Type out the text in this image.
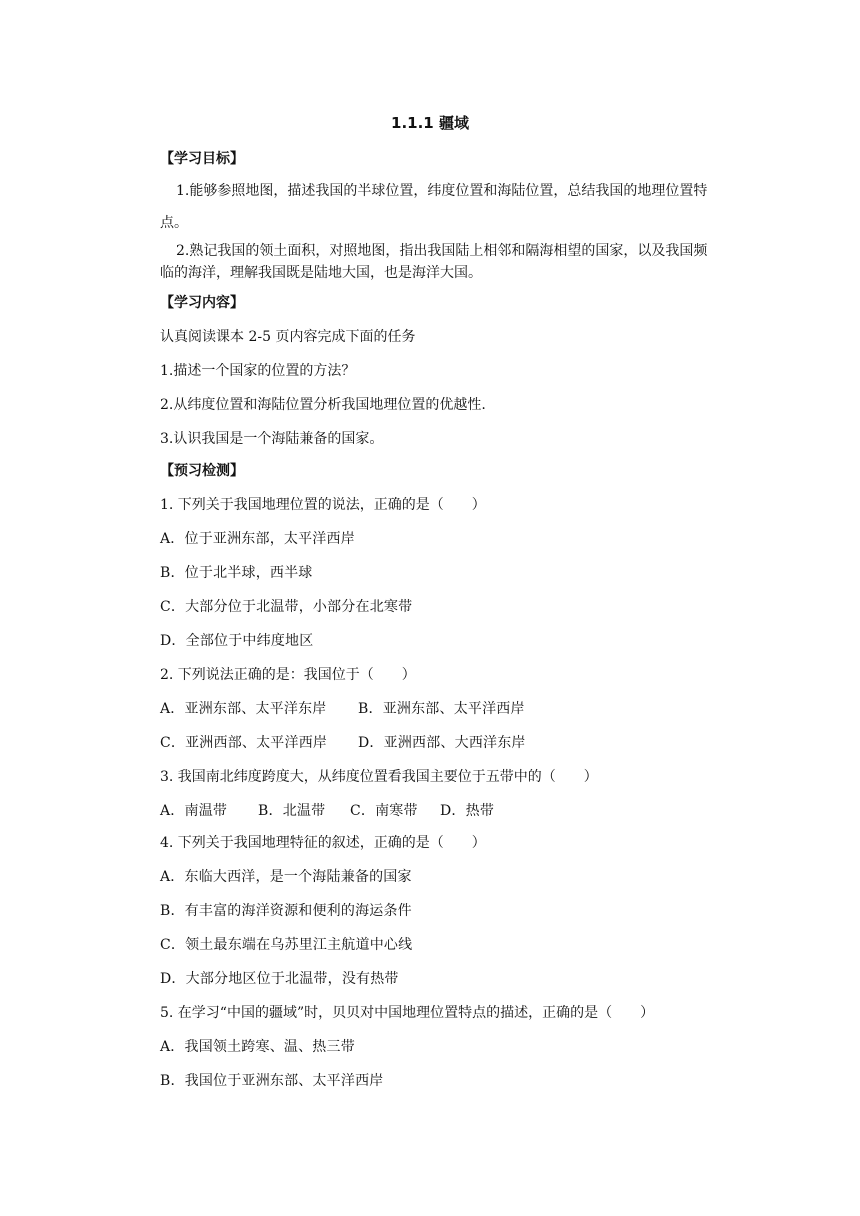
1.1.1 疆域
【学习目标】
1.能够参照地图，描述我国的半球位置，纬度位置和海陆位置，总结我国的地理位置特
点。
2.熟记我国的领土面积，对照地图，指出我国陆上相邻和隔海相望的国家，以及我国频
临的海洋，理解我国既是陆地大国，也是海洋大国。
【学习内容】
认真阅读课本 2-5 页内容完成下面的任务
1.描述一个国家的位置的方法？
2.从纬度位置和海陆位置分析我国地理位置的优越性.
3.认识我国是一个海陆兼备的国家。
【预习检测】
1. 下列关于我国地理位置的说法，正确的是（　　）
A．位于亚洲东部，太平洋西岸
B．位于北半球，西半球
C．大部分位于北温带，小部分在北寒带
D．全部位于中纬度地区
2. 下列说法正确的是：我国位于（　　）
A．亚洲东部、太平洋东岸 B．亚洲东部、太平洋西岸
C．亚洲西部、太平洋西岸 D．亚洲西部、大西洋东岸
3. 我国南北纬度跨度大，从纬度位置看我国主要位于五带中的（　　）
A．南温带 B．北温带 C．南寒带 D．热带
4. 下列关于我国地理特征的叙述，正确的是（　　）
A．东临大西洋，是一个海陆兼备的国家
B．有丰富的海洋资源和便利的海运条件
C．领土最东端在乌苏里江主航道中心线
D．大部分地区位于北温带，没有热带
5. 在学习“中国的疆域”时，贝贝对中国地理位置特点的描述，正确的是（　　）
A．我国领土跨寒、温、热三带
B．我国位于亚洲东部、太平洋西岸
